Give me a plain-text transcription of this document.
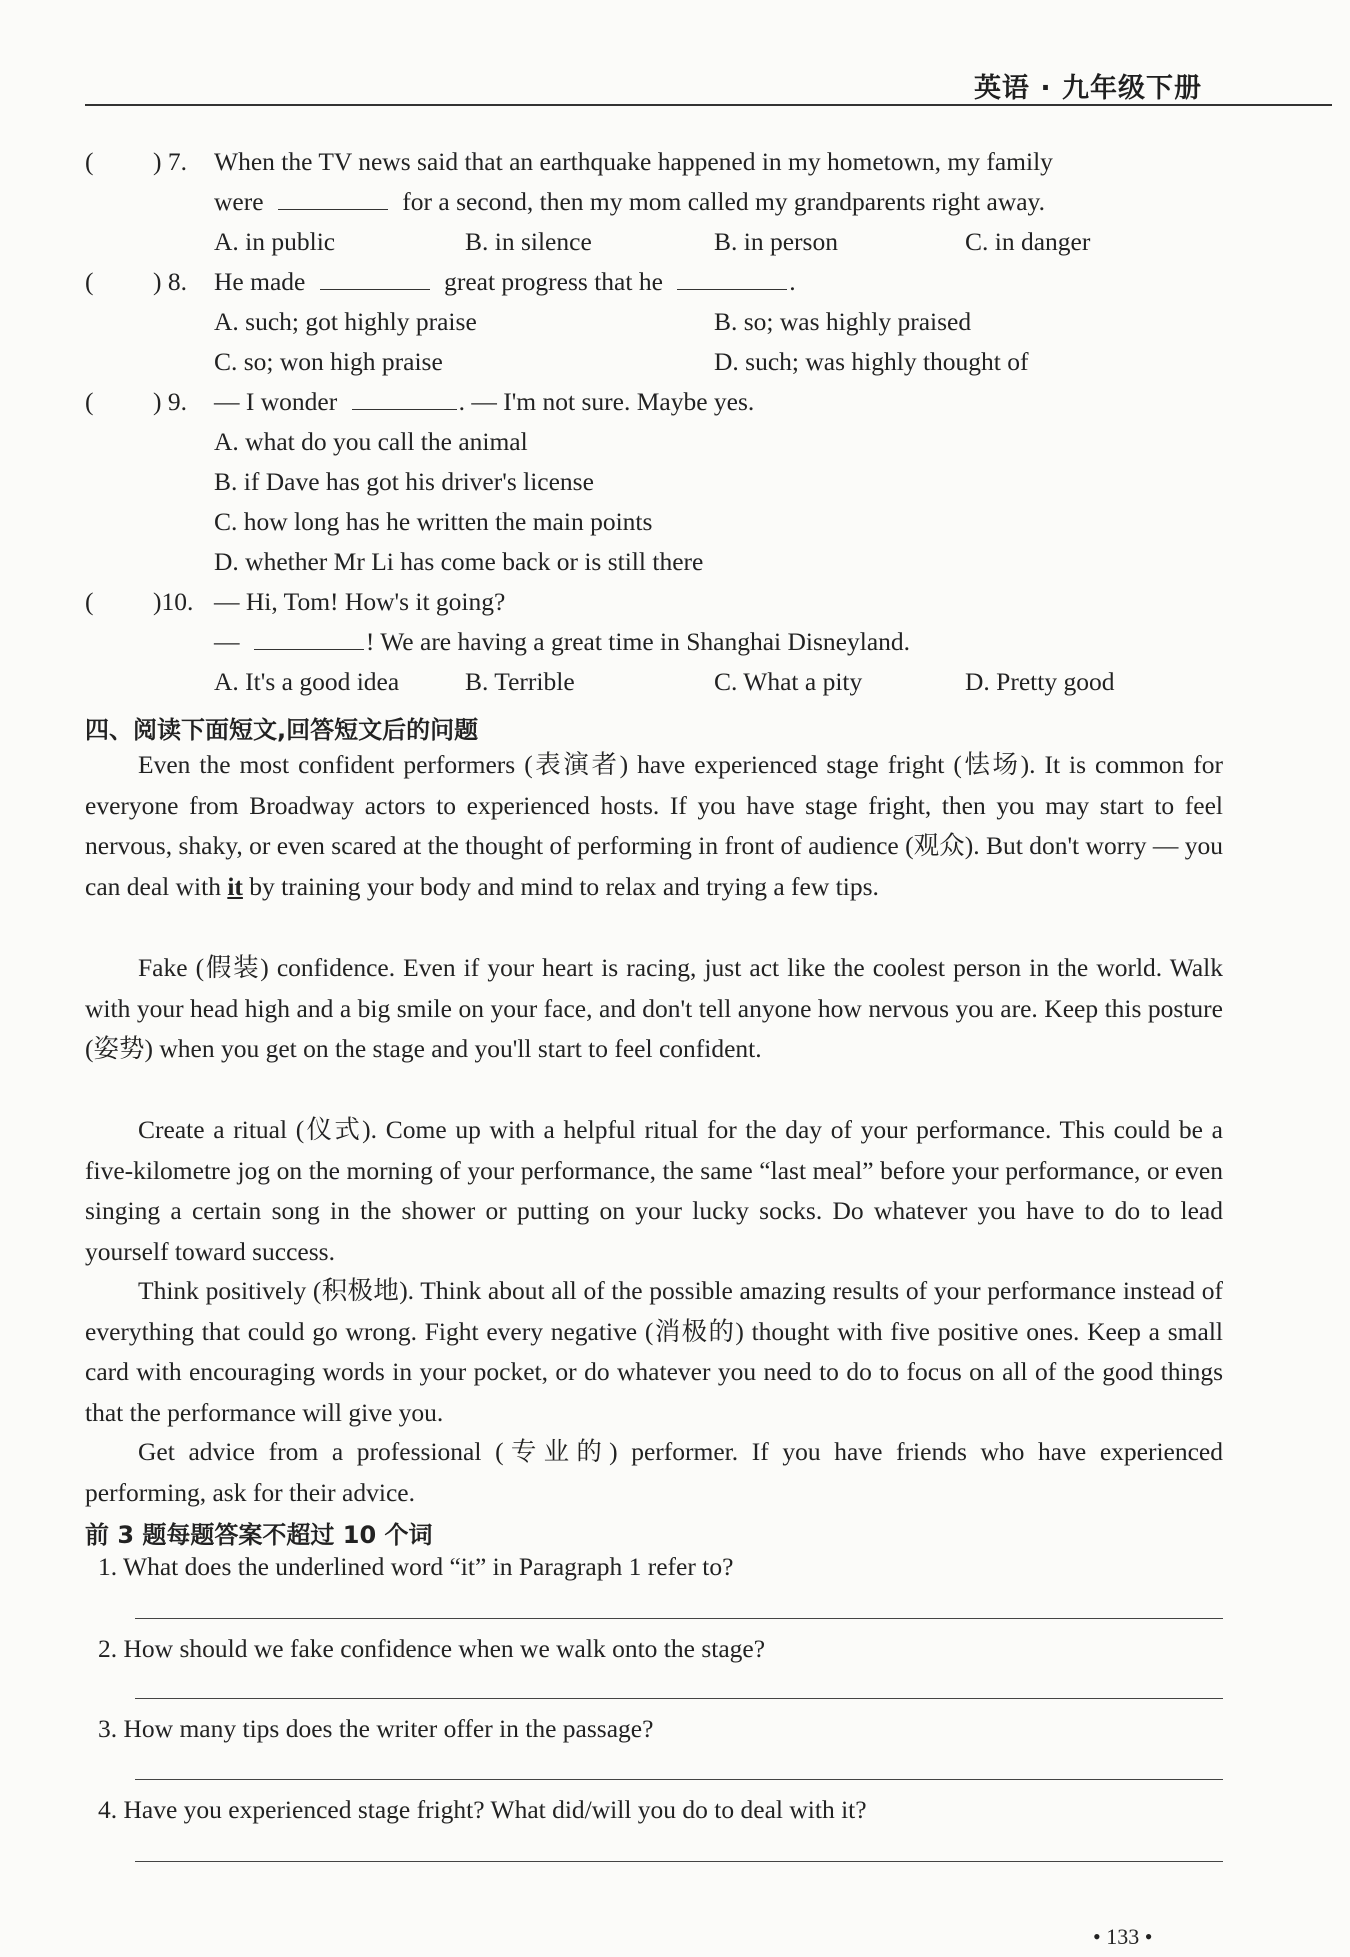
英语 · 九年级下册
( ) 7. When the TV news said that an earthquake happened in my hometown, my family
were	for a second, then my mom called my grandparents right away.
A. in public	B. in silence	B. in person	C. in danger
( ) 8. He made	great progress that he	.
A. such; got highly praise	B. so; was highly praised
C. so; won high praise	D. such; was highly thought of
( ) 9. — I wonder	. — I'm not sure. Maybe yes.
A. what do you call the animal
B. if Dave has got his driver's license
C. how long has he written the main points
D. whether Mr Li has come back or is still there
( )10. — Hi, Tom! How's it going?
—	! We are having a great time in Shanghai Disneyland.
A. It's a good idea	B. Terrible	C. What a pity	D. Pretty good
四、阅读下面短文,回答短文后的问题

Even the most confident performers (表演者) have experienced stage fright (怯场). It is common for everyone from Broadway actors to experienced hosts. If you have stage fright, then you may start to feel nervous, shaky, or even scared at the thought of performing in front of audience (观众). But don't worry — you can deal with it by training your body and mind to relax and trying a few tips.

Fake (假装) confidence. Even if your heart is racing, just act like the coolest person in the world. Walk with your head high and a big smile on your face, and don't tell anyone how nervous you are. Keep this posture (姿势) when you get on the stage and you'll start to feel confident.

Create a ritual (仪式). Come up with a helpful ritual for the day of your performance. This could be a five-kilometre jog on the morning of your performance, the same “last meal” before your performance, or even singing a certain song in the shower or putting on your lucky socks. Do whatever you have to do to lead yourself toward success.

Think positively (积极地). Think about all of the possible amazing results of your performance instead of everything that could go wrong. Fight every negative (消极的) thought with five positive ones. Keep a small card with encouraging words in your pocket, or do whatever you need to do to focus on all of the good things that the performance will give you.

Get advice from a professional (专业的) performer. If you have friends who have experienced performing, ask for their advice.

前 3 题每题答案不超过 10 个词
1. What does the underlined word “it” in Paragraph 1 refer to?
2. How should we fake confidence when we walk onto the stage?
3. How many tips does the writer offer in the passage?
4. Have you experienced stage fright? What did/will you do to deal with it?
• 133 •
